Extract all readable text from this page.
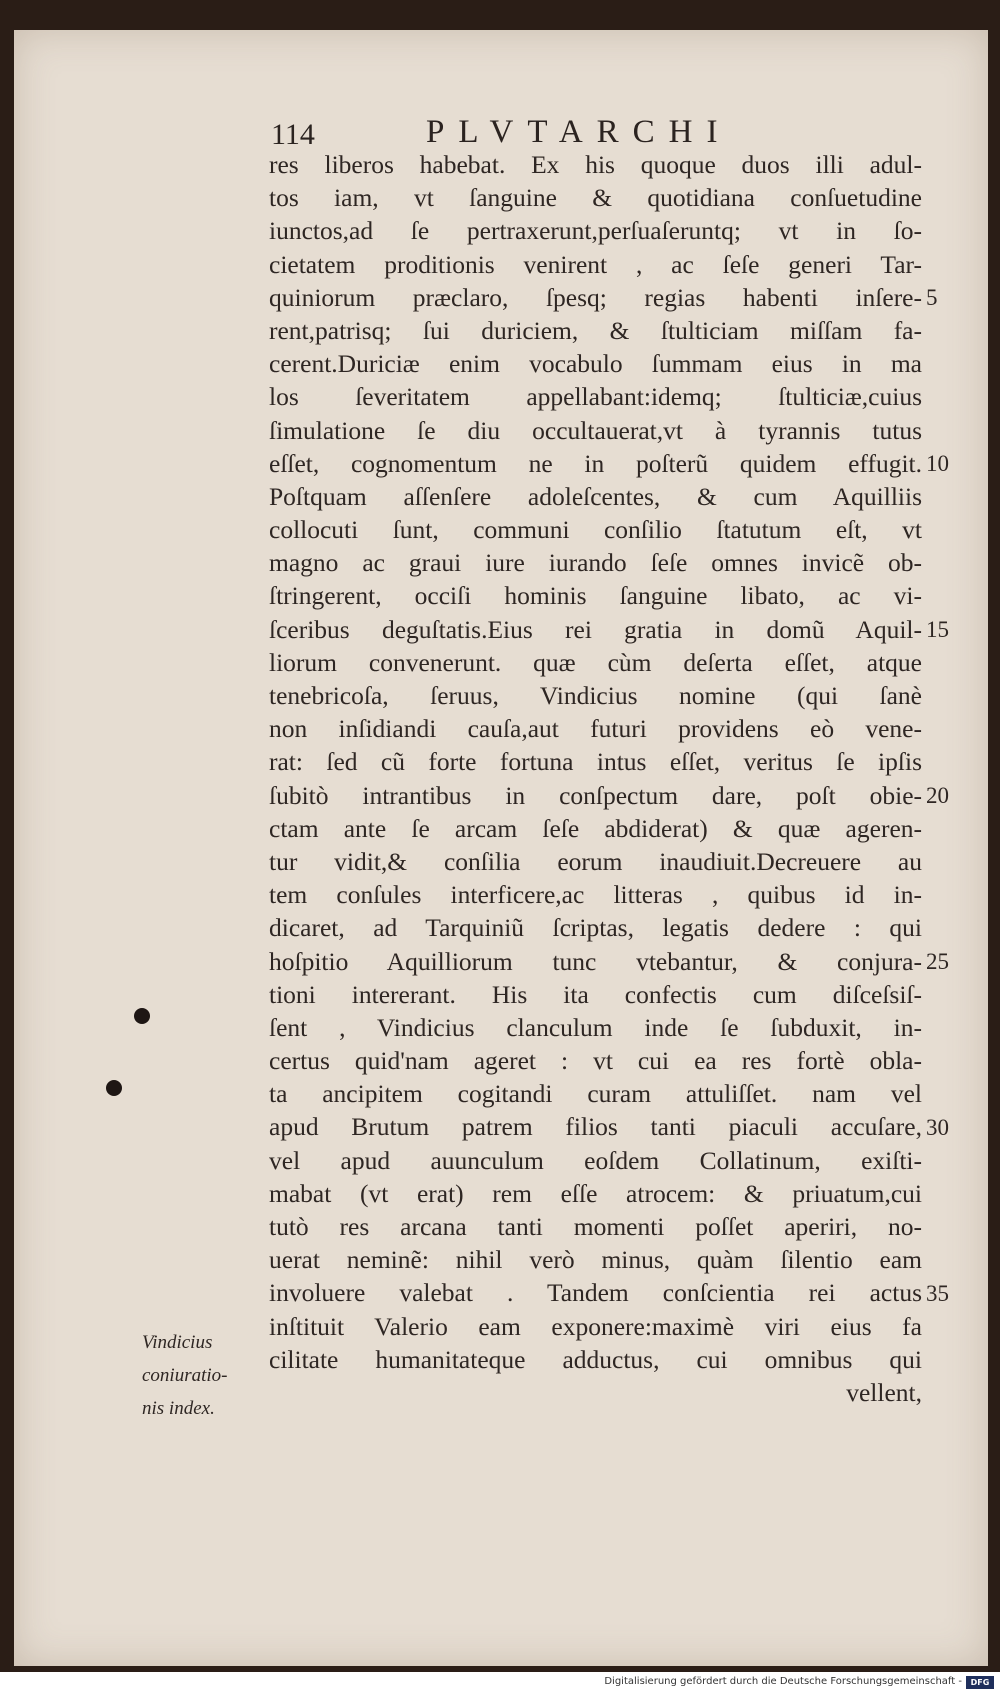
114	PLVTARCHI
res liberos habebat. Ex his quoque duos illi adul-
tos iam, vt ſanguine & quotidiana conſuetudine
iunctos,ad ſe pertraxerunt,perſuaſeruntq; vt in ſo-
cietatem proditionis venirent , ac ſeſe generi Tar-
quiniorum præclaro, ſpesq; regias habenti inſere-
rent,patrisq; ſui duriciem, & ſtulticiam miſſam fa-
cerent.Duriciæ enim vocabulo ſummam eius in ma
los ſeveritatem appellabant:idemq; ſtulticiæ,cuius
ſimulatione ſe diu occultauerat,vt à tyrannis tutus
eſſet, cognomentum ne in poſterũ quidem effugit.
Poſtquam aſſenſere adoleſcentes, & cum Aquilliis
collocuti ſunt, communi conſilio ſtatutum eſt, vt
magno ac graui iure iurando ſeſe omnes invicẽ ob-
ſtringerent, occiſi hominis ſanguine libato, ac vi-
ſceribus deguſtatis.Eius rei gratia in domũ Aquil-
liorum convenerunt. quæ cùm deſerta eſſet, atque
tenebricoſa, ſeruus, Vindicius nomine (qui ſanè
non inſidiandi cauſa,aut futuri providens eò vene-
rat: ſed cũ forte fortuna intus eſſet, veritus ſe ipſis
ſubitò intrantibus in conſpectum dare, poſt obie-
ctam ante ſe arcam ſeſe abdiderat) & quæ ageren-
tur vidit,& conſilia eorum inaudiuit.Decreuere au
tem conſules interficere,ac litteras , quibus id in-
dicaret, ad Tarquiniũ ſcriptas, legatis dedere : qui
hoſpitio Aquilliorum tunc vtebantur, & conjura-
tioni intererant. His ita confectis cum diſceſsiſ-
ſent , Vindicius clanculum inde ſe ſubduxit, in-
certus quid'nam ageret : vt cui ea res fortè obla-
ta ancipitem cogitandi curam attuliſſet. nam vel
apud Brutum patrem filios tanti piaculi accuſare,
vel apud auunculum eoſdem Collatinum, exiſti-
mabat (vt erat) rem eſſe atrocem: & priuatum,cui
tutò res arcana tanti momenti poſſet aperiri, no-
uerat neminẽ: nihil verò minus, quàm ſilentio eam
involuere valebat . Tandem conſcientia rei actus
inſtituit Valerio eam exponere:maximè viri eius fa
cilitate humanitateque adductus, cui omnibus qui
vellent,
5
10
15
20
25
30
35
Vindicius
coniuratio-
nis index.
Digitalisierung gefördert durch die Deutsche Forschungsgemeinschaft -	DFG
